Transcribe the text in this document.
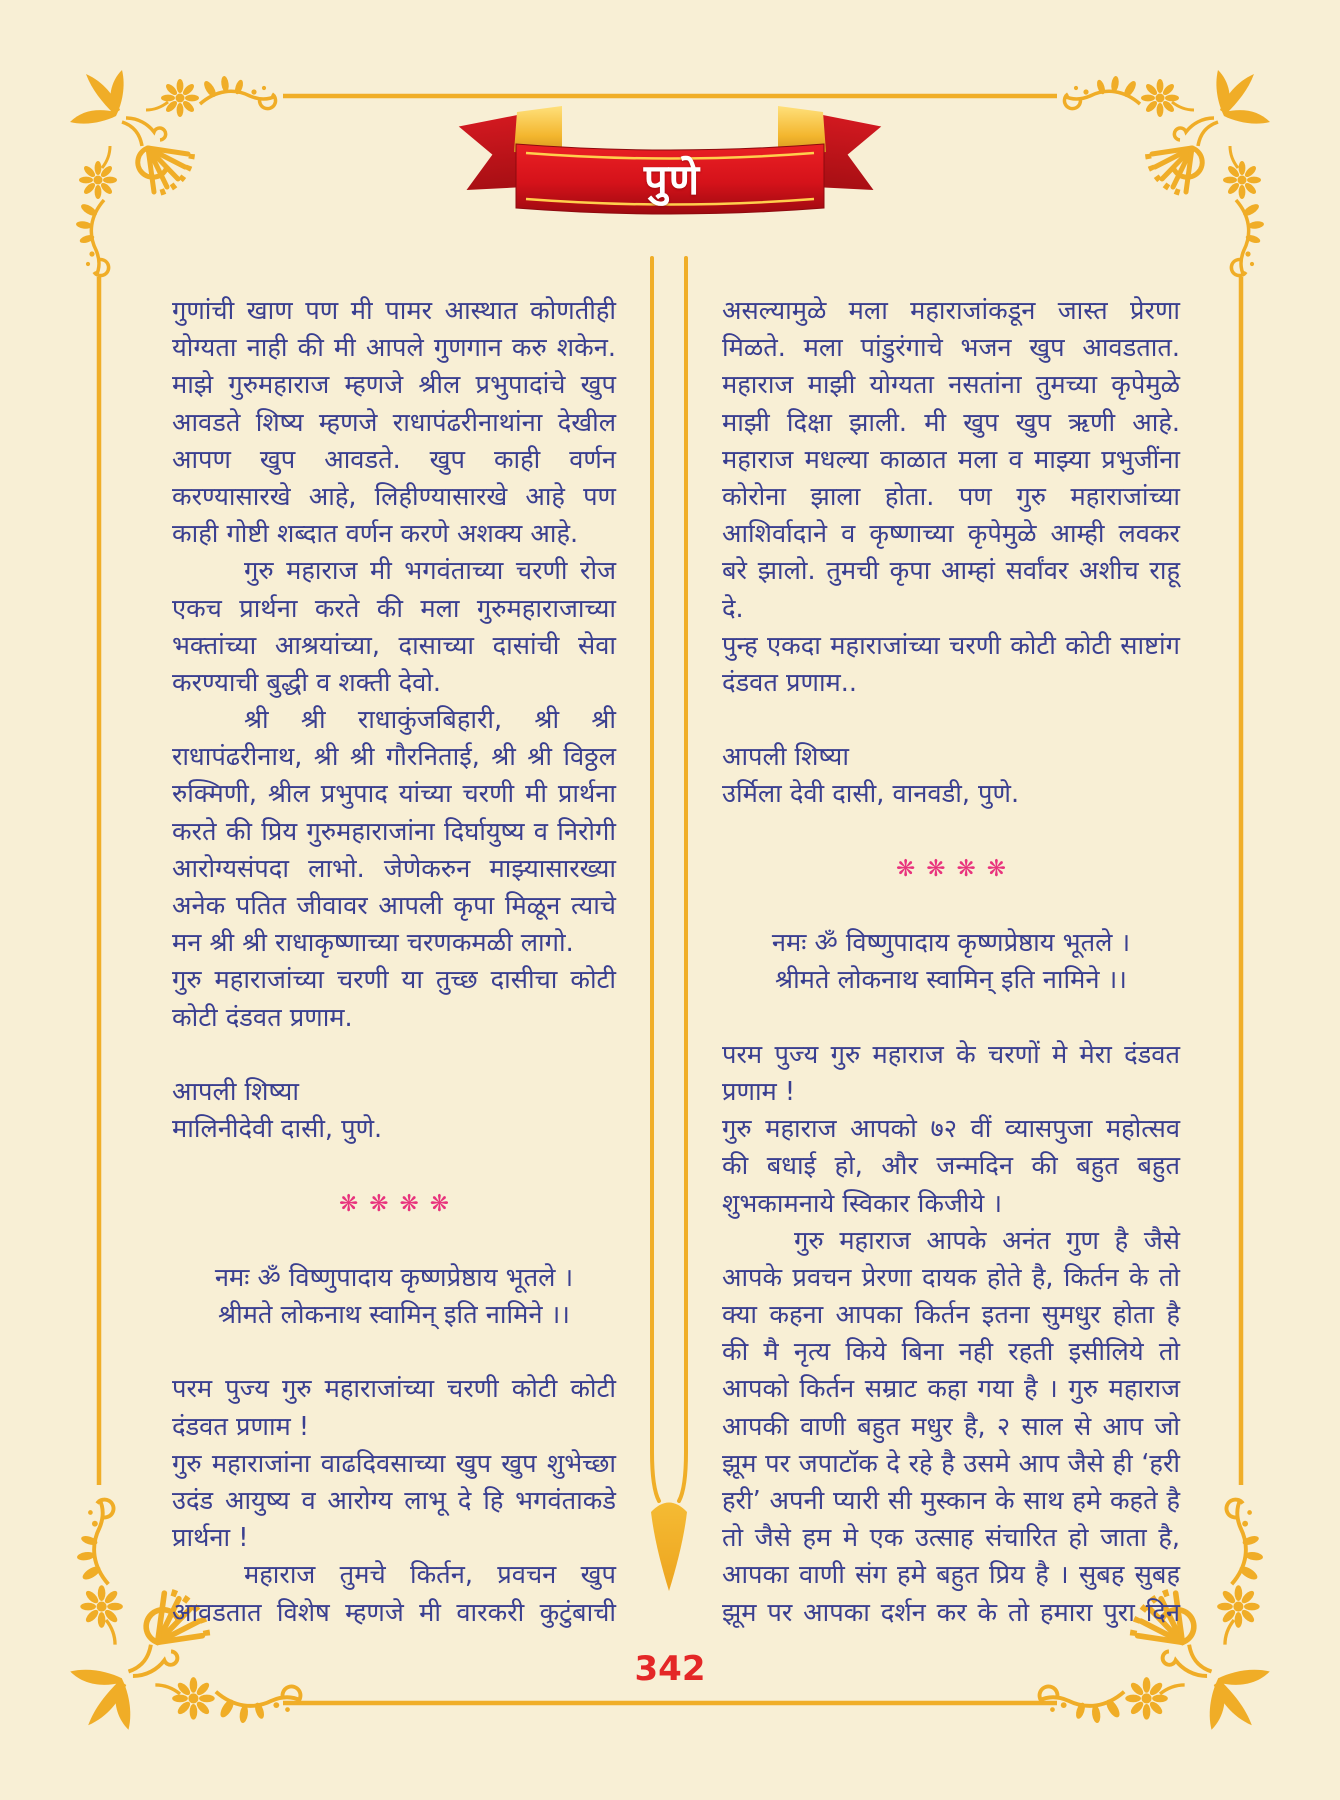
पुणे
गुणांची खाण पण मी पामर आस्थात कोणतीही
योग्यता नाही की मी आपले गुणगान करु शकेन.
माझे गुरुमहाराज म्हणजे श्रील प्रभुपादांचे खुप
आवडते शिष्य म्हणजे राधापंढरीनाथांना देखील
आपण खुप आवडते. खुप काही वर्णन
करण्यासारखे आहे, लिहीण्यासारखे आहे पण
काही गोष्टी शब्दात वर्णन करणे अशक्य आहे.
गुरु महाराज मी भगवंताच्या चरणी रोज
एकच प्रार्थना करते की मला गुरुमहाराजाच्या
भक्तांच्या आश्रयांच्या, दासाच्या दासांची सेवा
करण्याची बुद्धी व शक्ती देवो.
श्री श्री राधाकुंजबिहारी, श्री श्री
राधापंढरीनाथ, श्री श्री गौरनिताई, श्री श्री विठ्ठल
रुक्मिणी, श्रील प्रभुपाद यांच्या चरणी मी प्रार्थना
करते की प्रिय गुरुमहाराजांना दिर्घायुष्य व निरोगी
आरोग्यसंपदा लाभो. जेणेकरुन माझ्यासारख्या
अनेक पतित जीवावर आपली कृपा मिळून त्याचे
मन श्री श्री राधाकृष्णाच्या चरणकमळी लागो.
गुरु महाराजांच्या चरणी या तुच्छ दासीचा कोटी
कोटी दंडवत प्रणाम.
आपली शिष्या
मालिनीदेवी दासी, पुणे.
❋❋❋❋
नमः ॐ विष्णुपादाय कृष्णप्रेष्ठाय भूतले ।
श्रीमते लोकनाथ स्वामिन् इति नामिने ।।
परम पुज्य गुरु महाराजांच्या चरणी कोटी कोटी
दंडवत प्रणाम !
गुरु महाराजांना वाढदिवसाच्या खुप खुप शुभेच्छा
उदंड आयुष्य व आरोग्य लाभू दे हि भगवंताकडे
प्रार्थना !
महाराज तुमचे किर्तन, प्रवचन खुप
आवडतात विशेष म्हणजे मी वारकरी कुटुंबाची
असल्यामुळे मला महाराजांकडून जास्त प्रेरणा
मिळते. मला पांडुरंगाचे भजन खुप आवडतात.
महाराज माझी योग्यता नसतांना तुमच्या कृपेमुळे
माझी दिक्षा झाली. मी खुप खुप ऋणी आहे.
महाराज मधल्या काळात मला व माझ्या प्रभुजींना
कोरोना झाला होता. पण गुरु महाराजांच्या
आशिर्वादाने व कृष्णाच्या कृपेमुळे आम्ही लवकर
बरे झालो. तुमची कृपा आम्हां सर्वांवर अशीच राहू
दे.
पुन्ह एकदा महाराजांच्या चरणी कोटी कोटी साष्टांग
दंडवत प्रणाम..
आपली शिष्या
उर्मिला देवी दासी, वानवडी, पुणे.
❋❋❋❋
नमः ॐ विष्णुपादाय कृष्णप्रेष्ठाय भूतले ।
श्रीमते लोकनाथ स्वामिन् इति नामिने ।।
परम पुज्य गुरु महाराज के चरणों मे मेरा दंडवत
प्रणाम !
गुरु महाराज आपको ७२ वीं व्यासपुजा महोत्सव
की बधाई हो, और जन्मदिन की बहुत बहुत
शुभकामनाये स्विकार किजीये ।
गुरु महाराज आपके अनंत गुण है जैसे
आपके प्रवचन प्रेरणा दायक होते है, किर्तन के तो
क्या कहना आपका किर्तन इतना सुमधुर होता है
की मै नृत्य किये बिना नही रहती इसीलिये तो
आपको किर्तन सम्राट कहा गया है । गुरु महाराज
आपकी वाणी बहुत मधुर है, २ साल से आप जो
झूम पर जपाटॉक दे रहे है उसमे आप जैसे ही ‘हरी
हरी’ अपनी प्यारी सी मुस्कान के साथ हमे कहते है
तो जैसे हम मे एक उत्साह संचारित हो जाता है,
आपका वाणी संग हमे बहुत प्रिय है । सुबह सुबह
झूम पर आपका दर्शन कर के तो हमारा पुरा दिन
342
